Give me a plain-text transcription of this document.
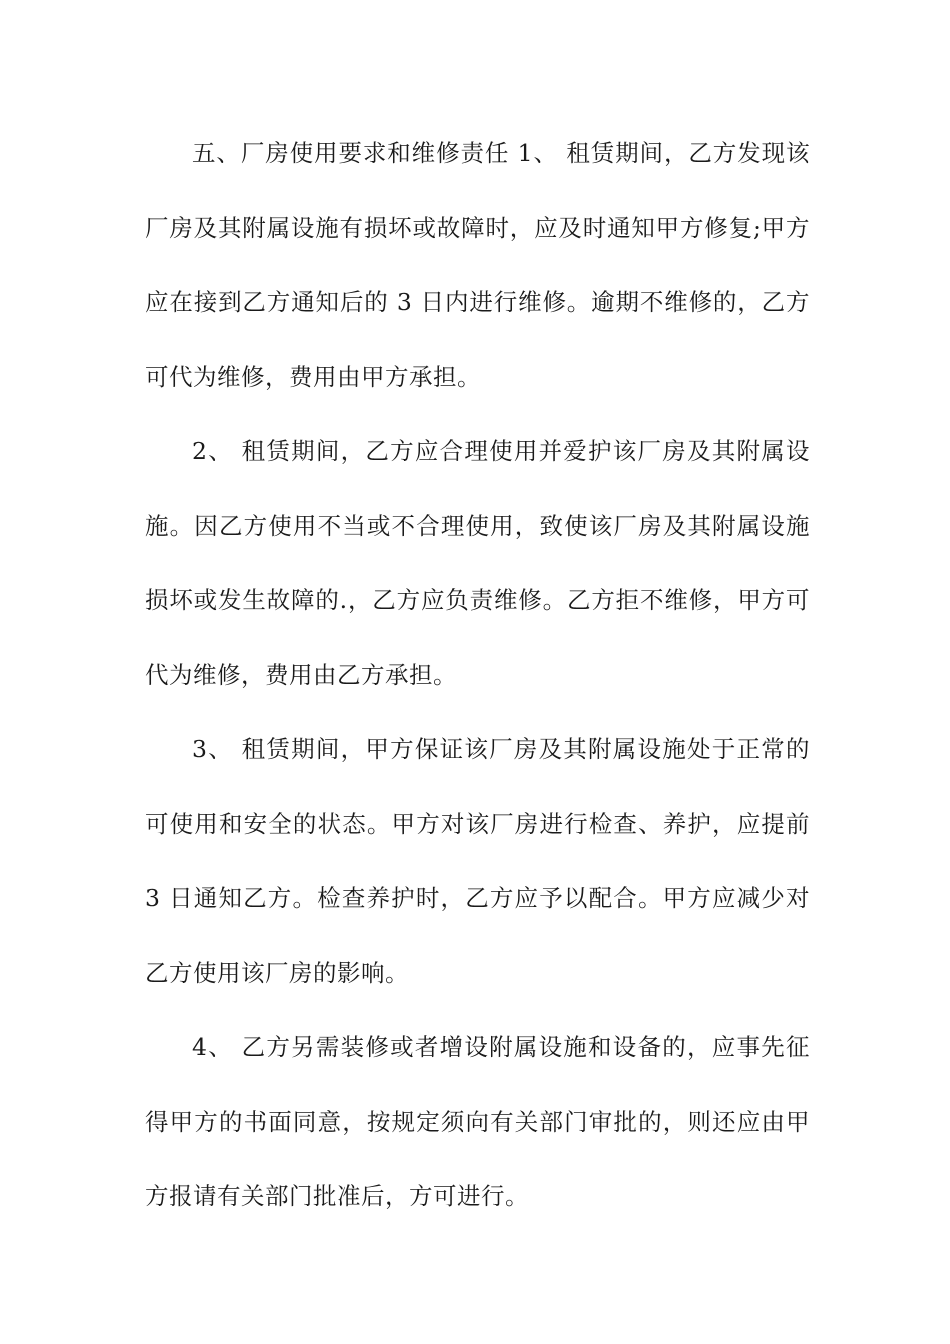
五、厂房使用要求和维修责任 1、 租赁期间，乙方发现该厂房及其附属设施有损坏或故障时，应及时通知甲方修复;甲方应在接到乙方通知后的 3 日内进行维修。逾期不维修的，乙方可代为维修，费用由甲方承担。

2、 租赁期间，乙方应合理使用并爱护该厂房及其附属设施。因乙方使用不当或不合理使用，致使该厂房及其附属设施损坏或发生故障的.，乙方应负责维修。乙方拒不维修，甲方可代为维修，费用由乙方承担。

3、 租赁期间，甲方保证该厂房及其附属设施处于正常的可使用和安全的状态。甲方对该厂房进行检查、养护，应提前 3 日通知乙方。检查养护时，乙方应予以配合。甲方应减少对乙方使用该厂房的影响。

4、 乙方另需装修或者增设附属设施和设备的，应事先征得甲方的书面同意，按规定须向有关部门审批的，则还应由甲方报请有关部门批准后，方可进行。
